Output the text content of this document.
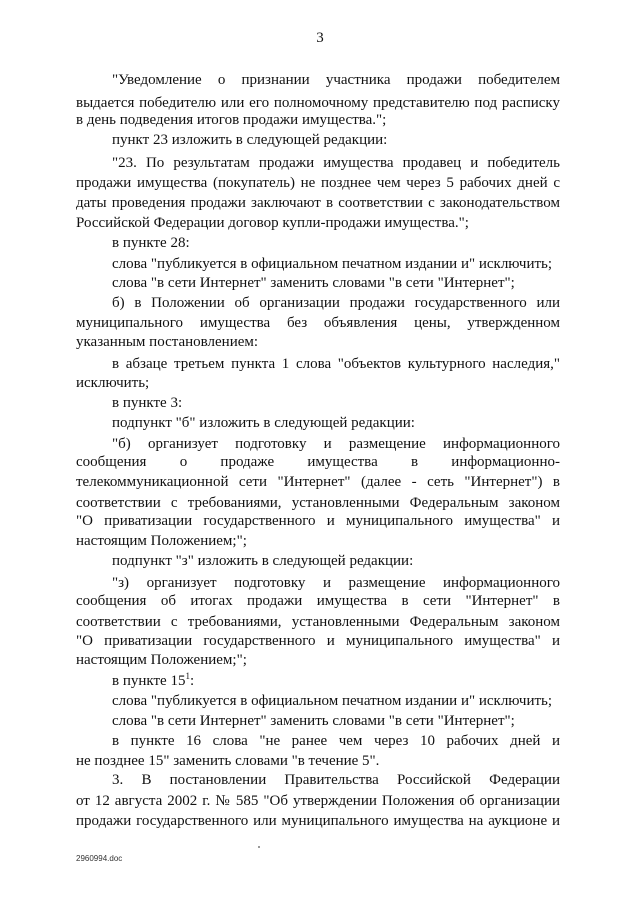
3
"Уведомление о признании участника продажи победителем
выдается победителю или его полномочному представителю под расписку
в день подведения итогов продажи имущества.";
пункт 23 изложить в следующей редакции:
"23. По результатам продажи имущества продавец и победитель
продажи имущества (покупатель) не позднее чем через 5 рабочих дней с
даты проведения продажи заключают в соответствии с законодательством
Российской Федерации договор купли-продажи имущества.";
в пункте 28:
слова "публикуется в официальном печатном издании и" исключить;
слова "в сети Интернет" заменить словами "в сети "Интернет";
б) в Положении об организации продажи государственного или
муниципального имущества без объявления цены, утвержденном
указанным постановлением:
в абзаце третьем пункта 1 слова "объектов культурного наследия,"
исключить;
в пункте 3:
подпункт "б" изложить в следующей редакции:
"б) организует подготовку и размещение информационного
сообщения о продаже имущества в информационно-
телекоммуникационной сети "Интернет" (далее - сеть "Интернет") в
соответствии с требованиями, установленными Федеральным законом
"О приватизации государственного и муниципального имущества" и
настоящим Положением;";
подпункт "з" изложить в следующей редакции:
"з) организует подготовку и размещение информационного
сообщения об итогах продажи имущества в сети "Интернет" в
соответствии с требованиями, установленными Федеральным законом
"О приватизации государственного и муниципального имущества" и
настоящим Положением;";
в пункте $15^1$:
слова "публикуется в официальном печатном издании и" исключить;
слова "в сети Интернет" заменить словами "в сети "Интернет";
в пункте 16 слова "не ранее чем через 10 рабочих дней и
не позднее 15" заменить словами "в течение 5".
3. В постановлении Правительства Российской Федерации
от 12 августа 2002 г. № 585 "Об утверждении Положения об организации
продажи государственного или муниципального имущества на аукционе и
2960994.doc
